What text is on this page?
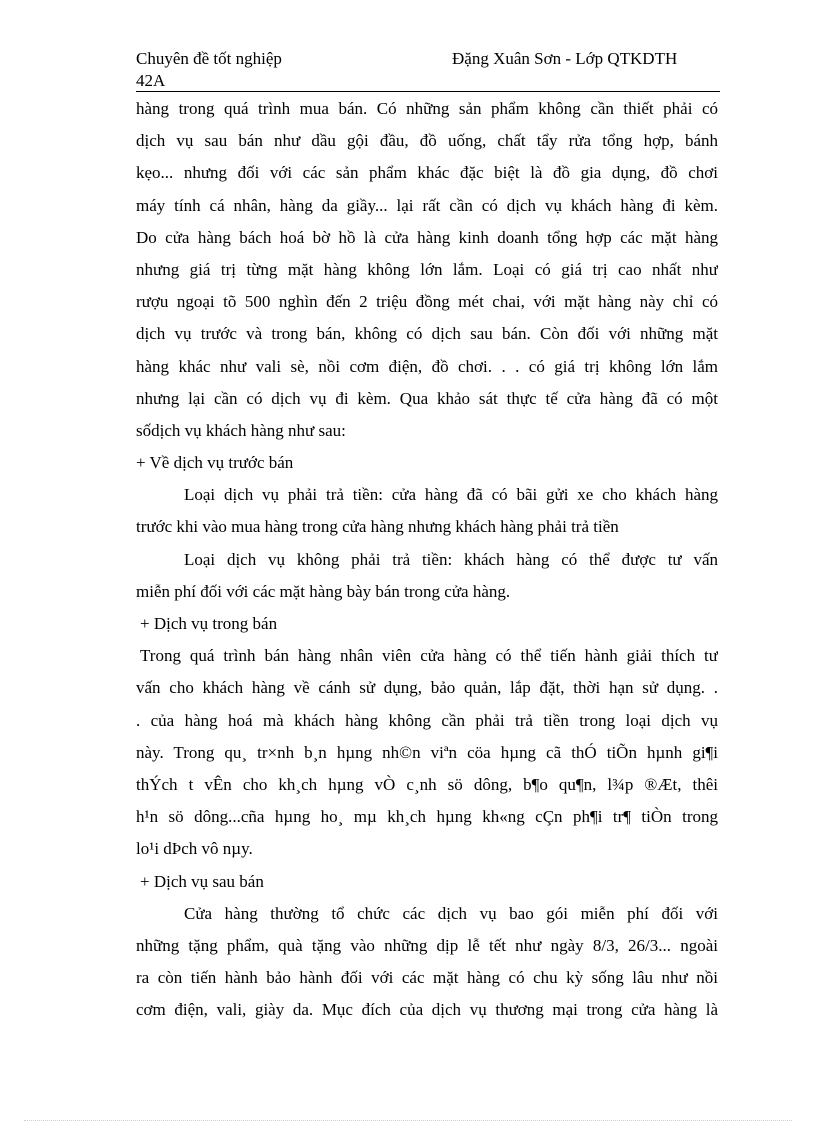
Chuyên đề tốt nghiệp
42A
Đặng Xuân Sơn - Lớp QTKDTH
hàng trong quá trình mua bán. Có những sản phẩm không cần thiết phải có
dịch vụ sau bán như dầu gội đầu, đồ uống, chất tẩy rửa tổng hợp, bánh
kẹo... nhưng đối với các sản phẩm khác đặc biệt là đồ gia dụng, đồ chơi
máy tính cá nhân, hàng da giầy... lại rất cần có dịch vụ khách hàng đi kèm.
Do cửa hàng bách hoá bờ hồ là cửa hàng kinh doanh tổng hợp các mặt hàng
nhưng giá trị từng mặt hàng không lớn lắm. Loại có giá trị cao nhất như
rượu ngoại tõ 500 nghìn đến 2 triệu đồng mét chai, với mặt hàng này chỉ có
dịch vụ trước và trong bán, không có dịch sau bán. Còn đối với những mặt
hàng khác như vali sè, nồi cơm điện, đồ chơi. . . có giá trị không lớn lắm
nhưng lại cần có dịch vụ đi kèm. Qua khảo sát thực tế cửa hàng đã có một
sốdịch vụ khách hàng như sau:
+ Về dịch vụ trước bán
Loại dịch vụ phải trả tiền: cửa hàng đã có bãi gửi xe cho khách hàng
trước khi vào mua hàng trong cửa hàng nhưng khách hàng phải trả tiền
Loại dịch vụ không phải trả tiền: khách hàng có thể được tư vấn
miễn phí đối với các mặt hàng bày bán trong cửa hàng.
+ Dịch vụ trong bán
Trong quá trình bán hàng nhân viên cửa hàng có thể tiến hành giải thích tư
vấn cho khách hàng về cánh sử dụng, bảo quản, lắp đặt, thời hạn sử dụng. .
. của hàng hoá mà khách hàng không cần phải trả tiền trong loại dịch vụ
này. Trong qu¸ tr×nh b¸n hµng nh©n viªn cöa hµng cã thÓ tiÕn hµnh gi¶i
thÝch t vÊn cho kh¸ch hµng vÒ c¸nh sö dông, b¶o qu¶n, l¾p ®Æt, thêi
h¹n sö dông...cña hµng ho¸ mµ kh¸ch hµng kh«ng cÇn ph¶i tr¶ tiÒn trong
lo¹i dÞch vô nµy.
+ Dịch vụ sau bán
Cửa hàng thường tổ chức các dịch vụ bao gói miễn phí đối với
những tặng phẩm, quà tặng vào những dịp lễ tết như ngày 8/3, 26/3... ngoài
ra còn tiến hành bảo hành đối với các mặt hàng có chu kỳ sống lâu như nồi
cơm điện, vali, giày da. Mục đích của dịch vụ thương mại trong cửa hàng là
